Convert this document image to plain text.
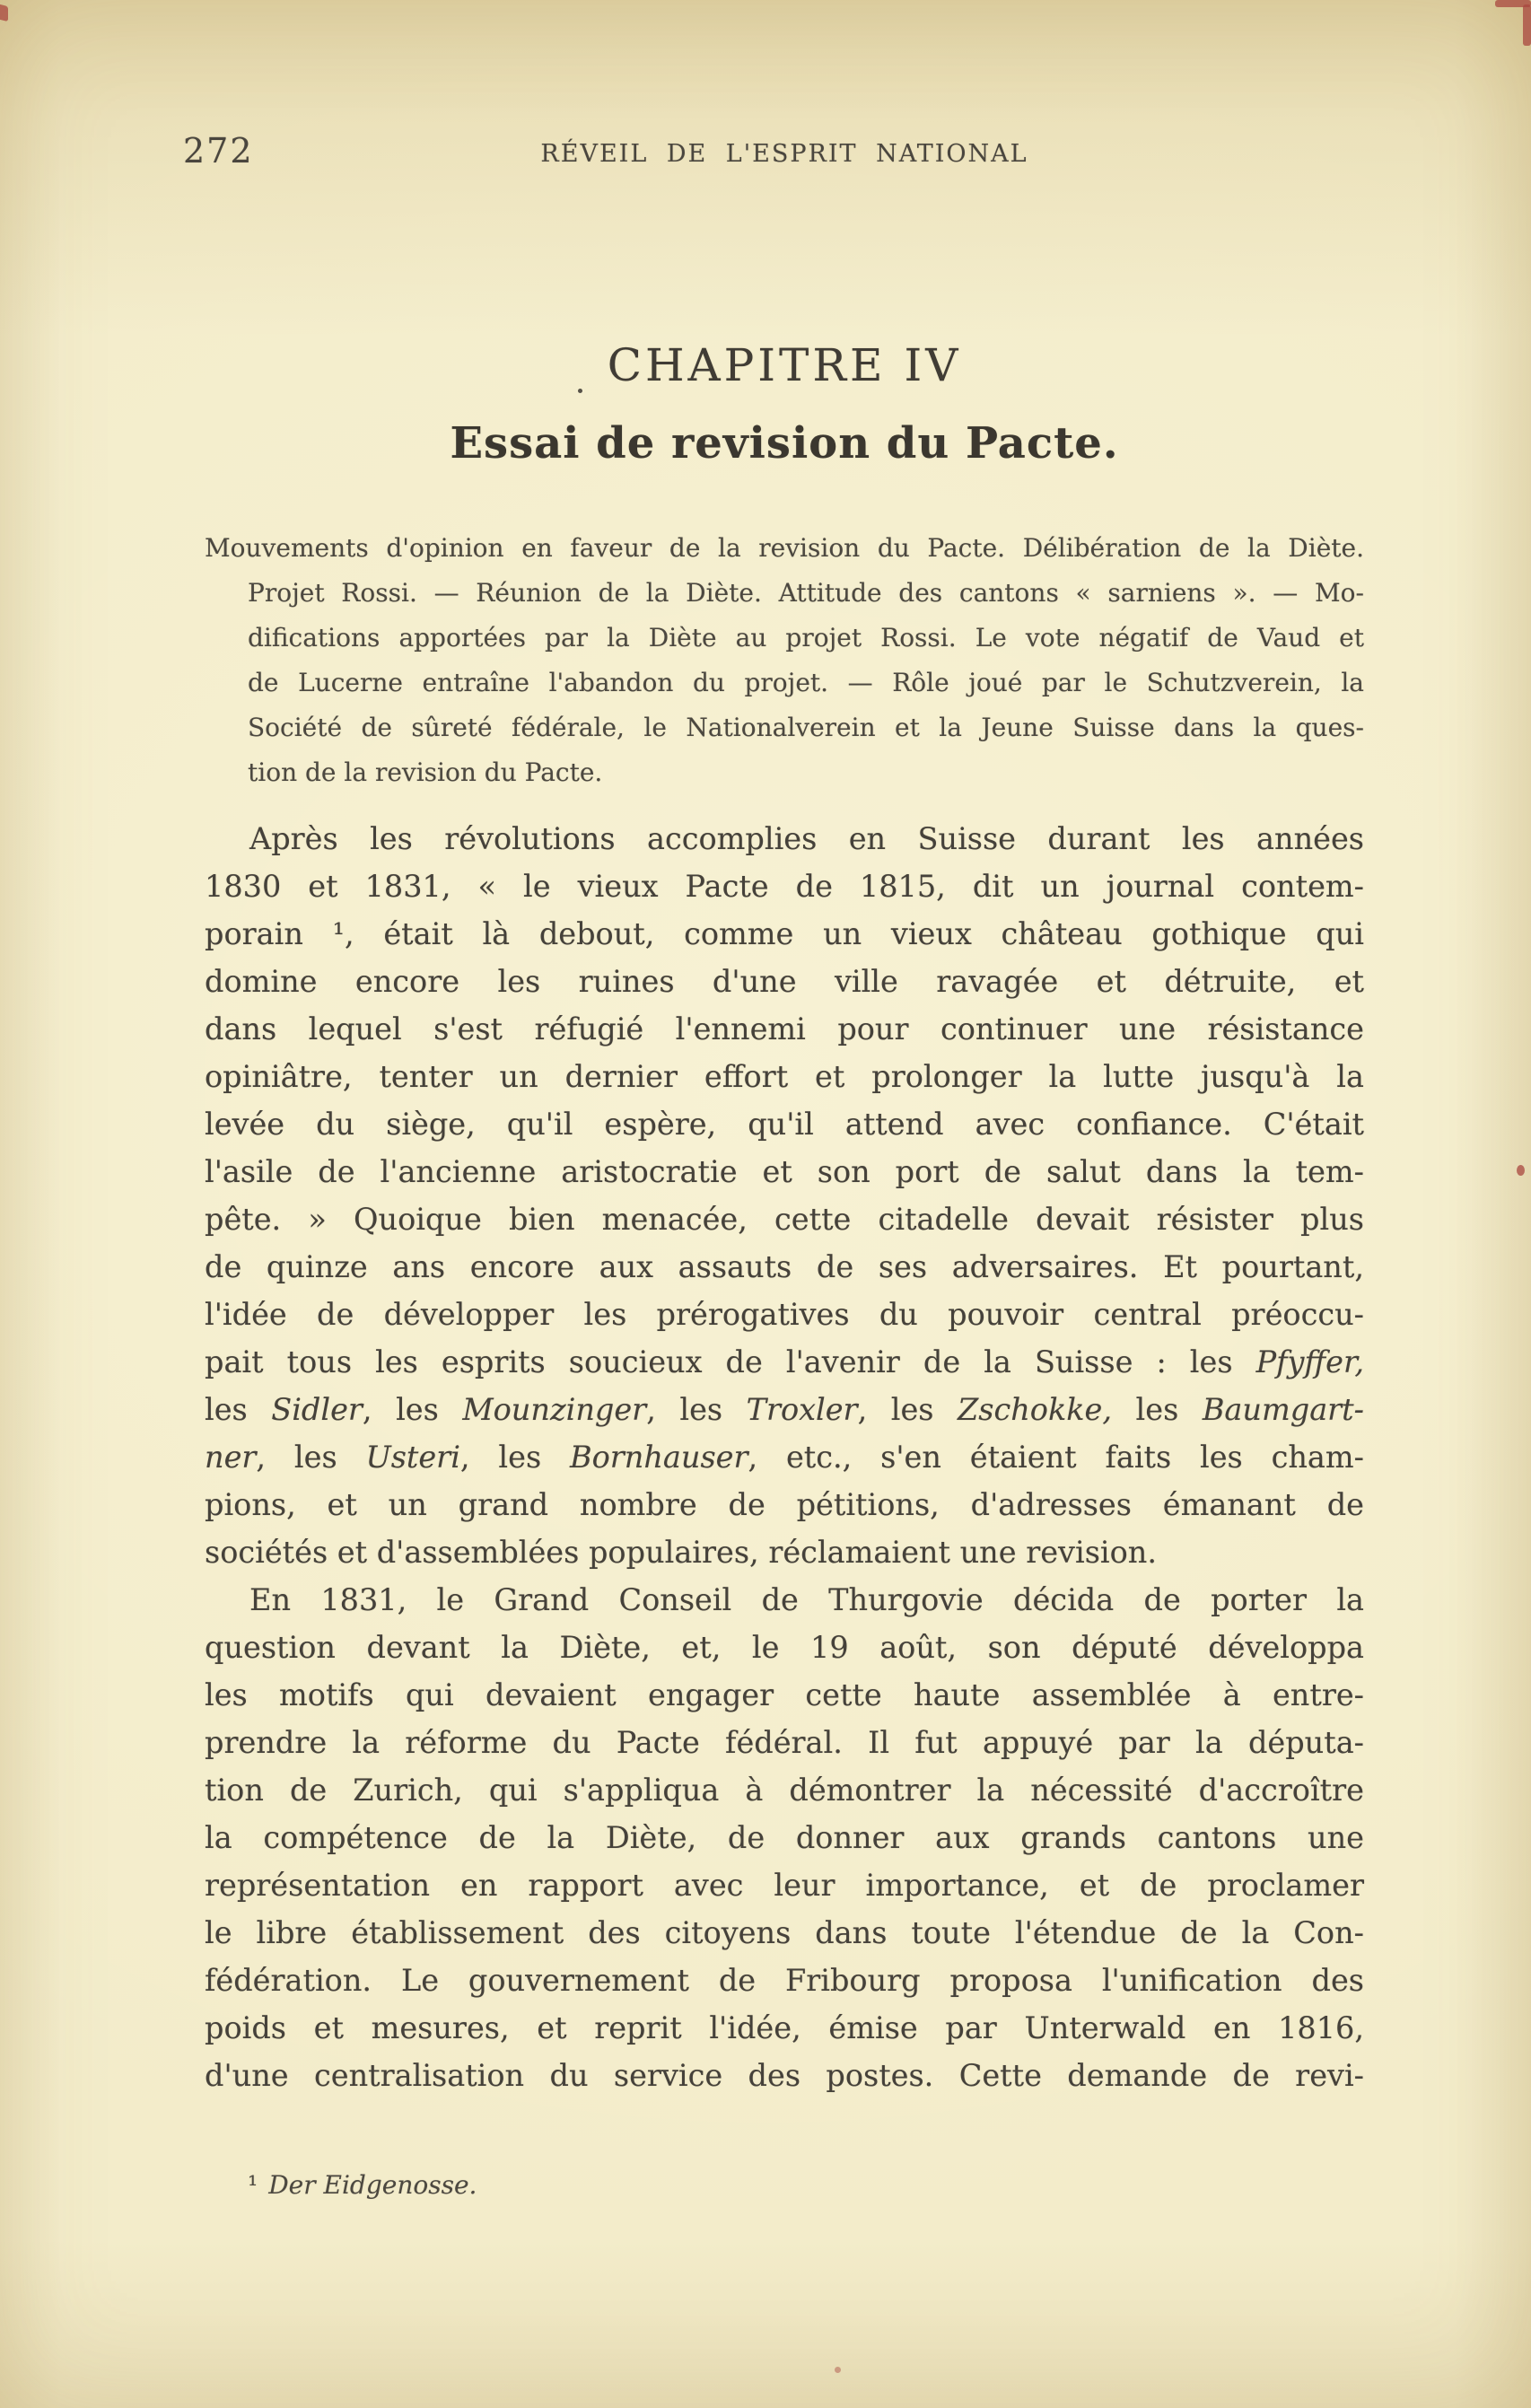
272	RÉVEIL DE L'ESPRIT NATIONAL
CHAPITRE IV
Essai de revision du Pacte.
Mouvements d'opinion en faveur de la revision du Pacte. Délibération de la Diète.
Projet Rossi. — Réunion de la Diète. Attitude des cantons « sarniens ». — Mo-
difications apportées par la Diète au projet Rossi. Le vote négatif de Vaud et
de Lucerne entraîne l'abandon du projet. — Rôle joué par le Schutzverein, la
Société de sûreté fédérale, le Nationalverein et la Jeune Suisse dans la ques-
tion de la revision du Pacte.
Après les révolutions accomplies en Suisse durant les années
1830 et 1831, « le vieux Pacte de 1815, dit un journal contem-
porain ¹, était là debout, comme un vieux château gothique qui
domine encore les ruines d'une ville ravagée et détruite, et
dans lequel s'est réfugié l'ennemi pour continuer une résistance
opiniâtre, tenter un dernier effort et prolonger la lutte jusqu'à la
levée du siège, qu'il espère, qu'il attend avec confiance. C'était
l'asile de l'ancienne aristocratie et son port de salut dans la tem-
pête. » Quoique bien menacée, cette citadelle devait résister plus
de quinze ans encore aux assauts de ses adversaires. Et pourtant,
l'idée de développer les prérogatives du pouvoir central préoccu-
pait tous les esprits soucieux de l'avenir de la Suisse : les Pfyffer,
les Sidler, les Mounzinger, les Troxler, les Zschokke, les Baumgart-
ner, les Usteri, les Bornhauser, etc., s'en étaient faits les cham-
pions, et un grand nombre de pétitions, d'adresses émanant de
sociétés et d'assemblées populaires, réclamaient une revision.
En 1831, le Grand Conseil de Thurgovie décida de porter la
question devant la Diète, et, le 19 août, son député développa
les motifs qui devaient engager cette haute assemblée à entre-
prendre la réforme du Pacte fédéral. Il fut appuyé par la députa-
tion de Zurich, qui s'appliqua à démontrer la nécessité d'accroître
la compétence de la Diète, de donner aux grands cantons une
représentation en rapport avec leur importance, et de proclamer
le libre établissement des citoyens dans toute l'étendue de la Con-
fédération. Le gouvernement de Fribourg proposa l'unification des
poids et mesures, et reprit l'idée, émise par Unterwald en 1816,
d'une centralisation du service des postes. Cette demande de revi-
¹ Der Eidgenosse.
